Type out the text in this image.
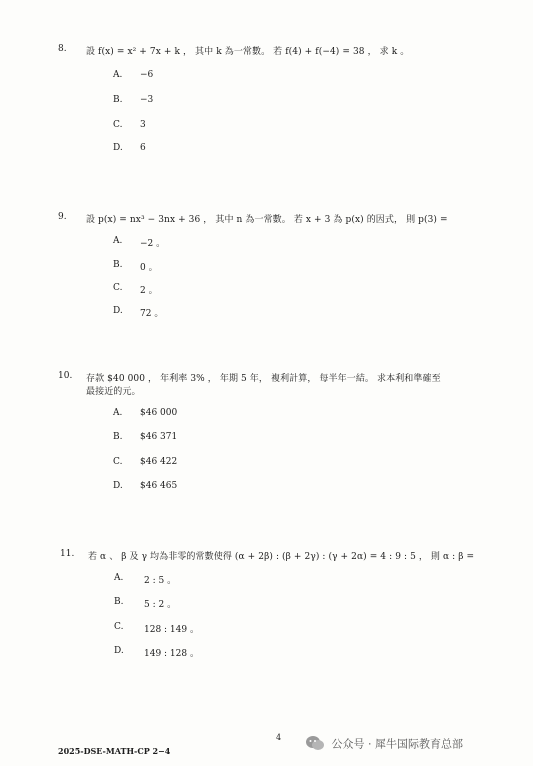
8. 設 f(x) = x² + 7x + k ， 其中 k 為一常數。 若 f(4) + f(−4) = 38 ， 求 k 。
A. −6
B. −3
C. 3
D. 6
9. 設 p(x) = nx³ − 3nx + 36 ， 其中 n 為一常數。 若 x + 3 為 p(x) 的因式， 則 p(3) =
A. −2 。
B. 0 。
C. 2 。
D. 72 。
10. 存款 $40 000 ， 年利率 3% ， 年期 5 年， 複利計算， 每半年一結。 求本利和準確至
最接近的元。
A. $46 000
B. $46 371
C. $46 422
D. $46 465
11. 若 α 、 β 及 γ 均為非零的常數使得 (α + 2β) : (β + 2γ) : (γ + 2α) = 4 : 9 : 5 ， 則 α : β =
A. 2 : 5 。
B. 5 : 2 。
C. 128 : 149 。
D. 149 : 128 。
4
2025-DSE-MATH-CP 2−4
公众号 · 犀牛国际教育总部
